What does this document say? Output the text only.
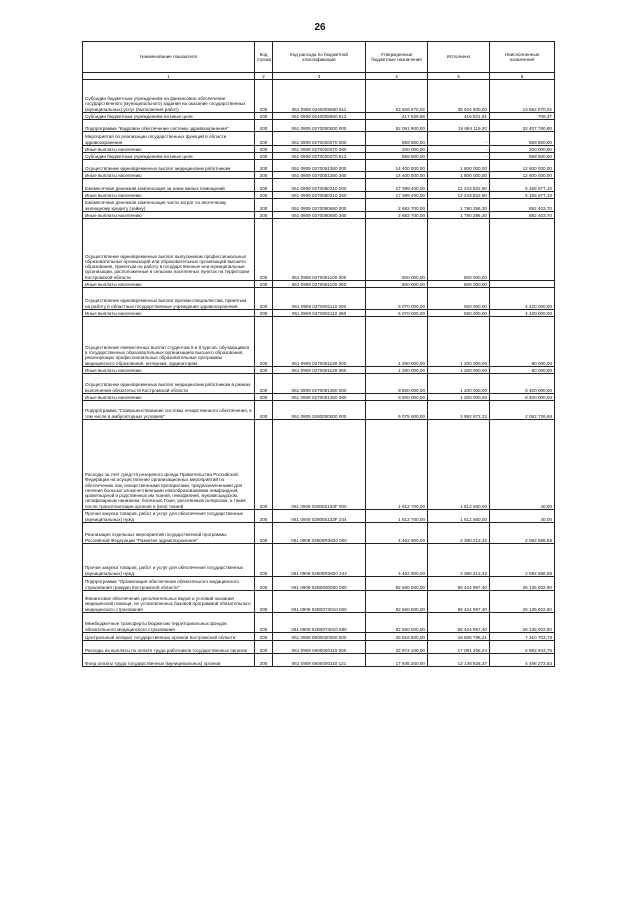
26
Наименование показателя	Код строки	Код расхода по бюджетной классификации	Утвержденные бюджетные назначения	Исполнено	Неисполненные назначения
1	2	3	4	5	6
Субсидии бюджетным учреждениям на финансовое обеспечение государственного (муниципального) задания на оказание государственных (муниципальных) услуг (выполнение работ)	200	061 0909 0240005960 611	53 506 670,02	39 924 600,00	13 582 070,02
Субсидии бюджетным учреждениям на иные цели	200	061 0909 0240005960 612	417 529,98	416 821,61	708,37
Подпрограмма "Кадровое обеспечение системы здравоохранения"	200	061 0909 0270000000 000	52 091 900,00	19 684 119,20	32 407 780,80
Мероприятия по реализации государственных функций в области здравоохранения	200	061 0909 0270020070 000	859 800,00	-	859 800,00
Иные выплаты населению	200	061 0909 0270020070 360	200 000,00	-	200 000,00
Субсидии бюджетным учреждениям на иные цели	200	061 0909 0270020070 612	659 800,00	-	659 800,00
Осуществление единовременных выплат медицинским работникам	200	061 0909 0270051360 000	14 400 000,00	1 800 000,00	12 600 000,00
Иные выплаты населению	200	061 0909 0270051360 360	14 400 000,00	1 800 000,00	12 600 000,00
Ежемесячная денежная компенсация за наем жилых помещений	200	061 0909 0270080310 000	17 399 400,00	12 243 822,90	5 155 577,10
Иные выплаты населению	200	061 0909 0270080310 360	17 399 400,00	12 243 822,90	5 155 577,10
Ежемесячная денежная компенсация части затрат по ипотечному жилищному кредиту (займу)	200	061 0909 0270080680 000	2 682 700,00	1 790 296,30	892 403,70
Иные выплаты населению	200	061 0909 0270080680 360	2 682 700,00	1 790 296,30	892 403,70
Осуществление единовременных выплат выпускникам профессиональных образовательных организаций или образовательных организаций высшего образования, принятым на работу в государственные или муниципальные организации, расположенные в сельских населенных пунктах на территории Костромской области	200	061 0909 0270081100 000	800 000,00	800 000,00	
Иные выплаты населению	200	061 0909 0270081100 360	800 000,00	800 000,00	
Осуществление единовременных выплат врачам-специалистам, принятым на работу в областные государственные учреждения здравоохранения	200	061 0909 0270081110 000	5 070 000,00	650 000,00	4 420 000,00
Иные выплаты населению	200	061 0909 0270081110 360	5 070 000,00	650 000,00	4 420 000,00
Осуществление ежемесячных выплат студентам 5 и 6 курсов, обучающимся в государственных образовательных организациях высшего образования, реализующих профессиональные образовательные программы медицинского образования, интернам, ординаторам	200	061 0909 0270081120 000	1 280 000,00	1 200 000,00	80 000,00
Иные выплаты населению	200	061 0909 0270081120 360	1 280 000,00	1 200 000,00	80 000,00
Осуществление единовременных выплат медицинским работникам в рамках выполнения обязательств Костромской области	200	061 0909 0270081360 000	9 600 000,00	1 200 000,00	8 400 000,00
Иные выплаты населению	200	061 0909 0270081360 360	9 600 000,00	1 200 000,00	8 400 000,00
Подпрограмма "Совершенствование системы лекарственного обеспечения, в том числе в амбулаторных условиях"	200	061 0909 0280000000 000	6 075 600,00	3 992 873,32	2 082 726,68
Расходы за счет средств резервного фонда Правительства Российской Федерации на осуществление организационных мероприятий по обеспечению лиц лекарственными препаратами, предназначенными для лечения больных злокачественными новообразованиями лимфоидной, кроветворной и родственных им тканей, гемофилией, муковисцидозом, гипофизарным нанизмом, болезнью Гоше, рассеянным склерозом, а также после трансплантации органов и (или) тканей	200	061 0909 028055133F 000	1 612 700,00	1 612 660,00	40,00
Прочая закупка товаров, работ и услуг для обеспечения государственных (муниципальных) нужд	200	061 0909 028055133F 244	1 612 700,00	1 612 660,00	40,00
Реализация отдельных мероприятий государственной программы Российской Федерации "Развитие здравоохранения"	200	061 0909 02800R3820 000	4 462 900,00	2 380 213,32	2 082 686,68
Прочая закупка товаров, работ и услуг для обеспечения государственных (муниципальных) нужд	200	061 0909 02800R3820 244	4 462 900,00	2 380 213,32	2 082 686,68
Подпрограмма "Организация обеспечения обязательного медицинского страхования граждан Костромской области"	200	061 0909 02B0000000 000	82 560 000,00	56 424 997,40	26 135 002,60
Финансовое обеспечение дополнительных видов и условий оказания медицинской помощи, не установленных базовой программой обязательного медицинского страхования	200	061 0909 02B0073010 000	82 560 000,00	56 424 997,40	26 135 002,60
Межбюджетные трансферты бюджетам территориальных фондов обязательного медицинского страхования	200	061 0909 02B0073010 580	82 560 000,00	56 424 997,40	26 135 002,60
Центральный аппарат государственных органов Костромской области	200	061 0909 6600000000 000	26 916 500,00	19 605 796,21	7 310 703,79
Расходы на выплаты по оплате труда работников государственных органов	200	061 0909 6600000110 000	22 974 100,00	17 091 256,24	5 882 843,76
Фонд оплаты труда государственных (муниципальных) органов	200	061 0909 6600000110 121	17 645 200,00	13 148 926,37	4 496 273,63
